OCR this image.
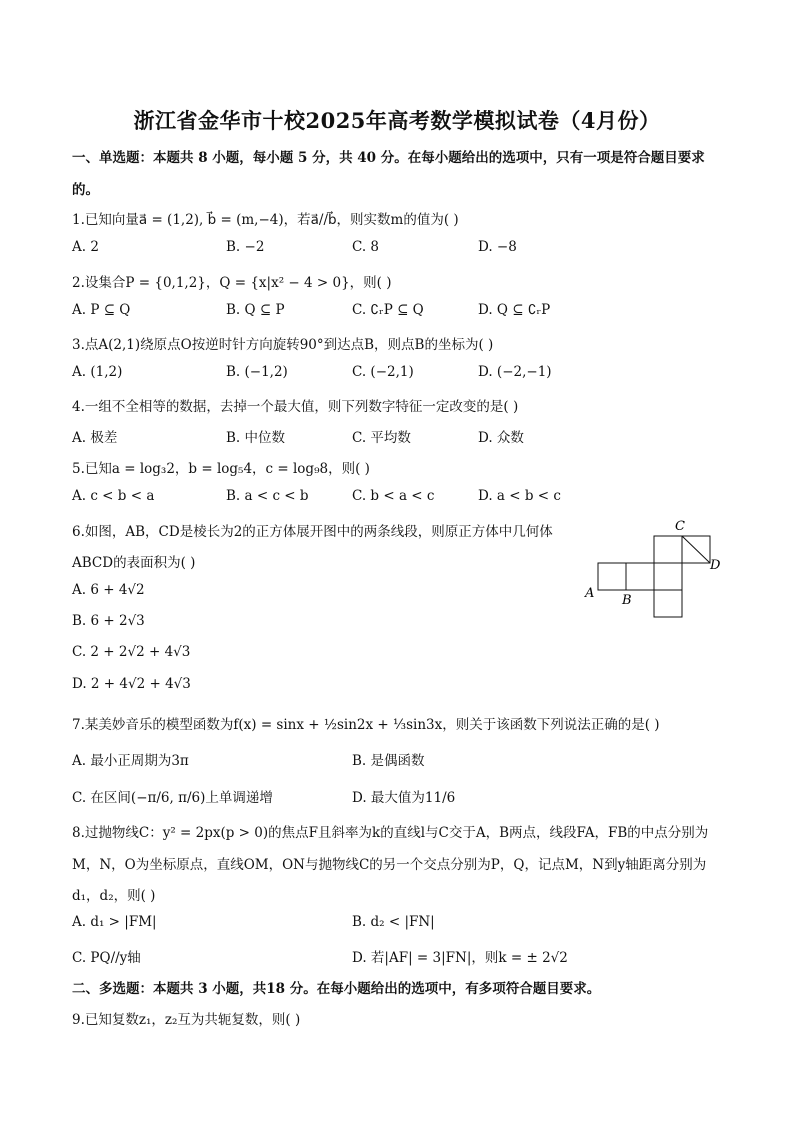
浙江省金华市十校2025年高考数学模拟试卷（4月份）
一、单选题：本题共 8 小题，每小题 5 分，共 40 分。在每小题给出的选项中，只有一项是符合题目要求
的。
1.已知向量a⃗ = (1,2), b⃗ = (m,−4)，若a⃗//b⃗，则实数m的值为( )
A. 2	B. −2	C. 8	D. −8
2.设集合P = {0,1,2}，Q = {x|x² − 4 > 0}，则( )
A. P ⊆ Q	B. Q ⊆ P	C. ∁ᵣP ⊆ Q	D. Q ⊆ ∁ᵣP
3.点A(2,1)绕原点O按逆时针方向旋转90°到达点B，则点B的坐标为( )
A. (1,2)	B. (−1,2)	C. (−2,1)	D. (−2,−1)
4.一组不全相等的数据，去掉一个最大值，则下列数字特征一定改变的是( )
A. 极差	B. 中位数	C. 平均数	D. 众数
5.已知a = log₃2，b = log₅4，c = log₉8，则( )
A. c < b < a	B. a < c < b	C. b < a < c	D. a < b < c
6.如图，AB，CD是棱长为2的正方体展开图中的两条线段，则原正方体中几何体
ABCD的表面积为( )
A. 6 + 4√2
B. 6 + 2√3
C. 2 + 2√2 + 4√3
D. 2 + 4√2 + 4√3
A B
C
D
7.某美妙音乐的模型函数为f(x) = sinx + ½sin2x + ⅓sin3x，则关于该函数下列说法正确的是( )
A. 最小正周期为3π	B. 是偶函数
C. 在区间(−π/6, π/6)上单调递增	D. 最大值为11/6
8.过抛物线C：y² = 2px(p > 0)的焦点F且斜率为k的直线l与C交于A，B两点，线段FA，FB的中点分别为
M，N，O为坐标原点，直线OM，ON与抛物线C的另一个交点分别为P，Q，记点M，N到y轴距离分别为
d₁，d₂，则( )
A. d₁ > |FM|	B. d₂ < |FN|
C. PQ//y轴	D. 若|AF| = 3|FN|，则k = ± 2√2
二、多选题：本题共 3 小题，共18 分。在每小题给出的选项中，有多项符合题目要求。
9.已知复数z₁，z₂互为共轭复数，则( )
